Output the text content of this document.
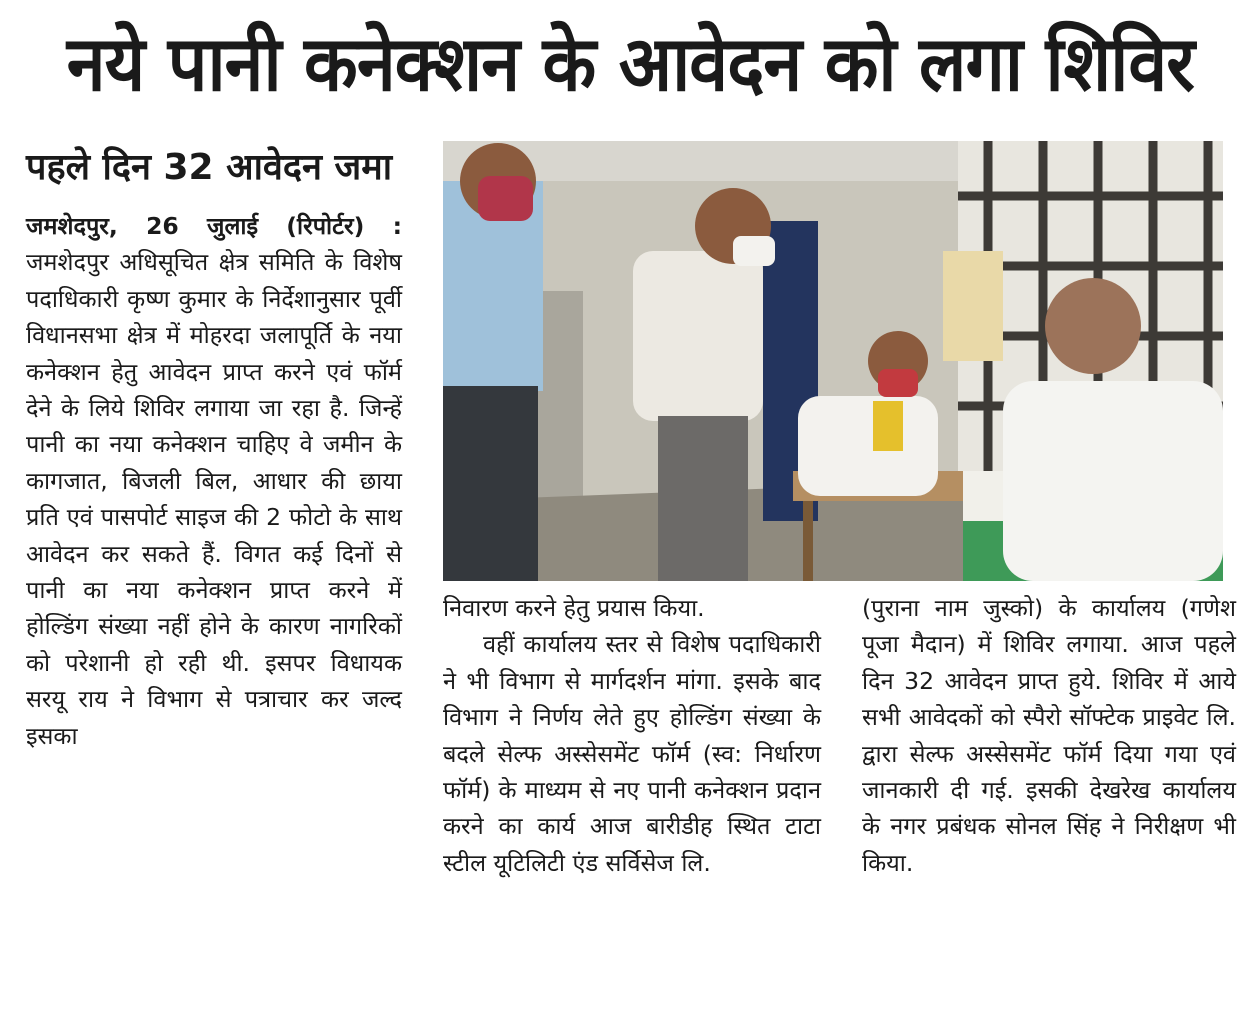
नये पानी कनेक्शन के आवेदन को लगा शिविर
पहले दिन 32 आवेदन जमा

जमशेदपुर, 26 जुलाई (रिपोर्टर) : जमशेदपुर अधिसूचित क्षेत्र समिति के विशेष पदाधिकारी कृष्ण कुमार के निर्देशानुसार पूर्वी विधानसभा क्षेत्र में मोहरदा जलापूर्ति के नया कनेक्शन हेतु आवेदन प्राप्त करने एवं फॉर्म देने के लिये शिविर लगाया जा रहा है. जिन्हें पानी का नया कनेक्शन चाहिए वे जमीन के कागजात, बिजली बिल, आधार की छाया प्रति एवं पासपोर्ट साइज की 2 फोटो के साथ आवेदन कर सकते हैं. विगत कई दिनों से पानी का नया कनेक्शन प्राप्त करने में होल्डिंग संख्या नहीं होने के कारण नागरिकों को परेशानी हो रही थी. इसपर विधायक सरयू राय ने विभाग से पत्राचार कर जल्द इसका

निवारण करने हेतु प्रयास किया.

वहीं कार्यालय स्तर से विशेष पदाधिकारी ने भी विभाग से मार्गदर्शन मांगा. इसके बाद विभाग ने निर्णय लेते हुए होल्डिंग संख्या के बदले सेल्फ अस्सेसमेंट फॉर्म (स्व: निर्धारण फॉर्म) के माध्यम से नए पानी कनेक्शन प्रदान करने का कार्य आज बारीडीह स्थित टाटा स्टील यूटिलिटी एंड सर्विसेज लि.

(पुराना नाम जुस्को) के कार्यालय (गणेश पूजा मैदान) में शिविर लगाया. आज पहले दिन 32 आवेदन प्राप्त हुये. शिविर में आये सभी आवेदकों को स्पैरो सॉफ्टेक प्राइवेट लि. द्वारा सेल्फ अस्सेसमेंट फॉर्म दिया गया एवं जानकारी दी गई. इसकी देखरेख कार्यालय के नगर प्रबंधक सोनल सिंह ने निरीक्षण भी किया.
